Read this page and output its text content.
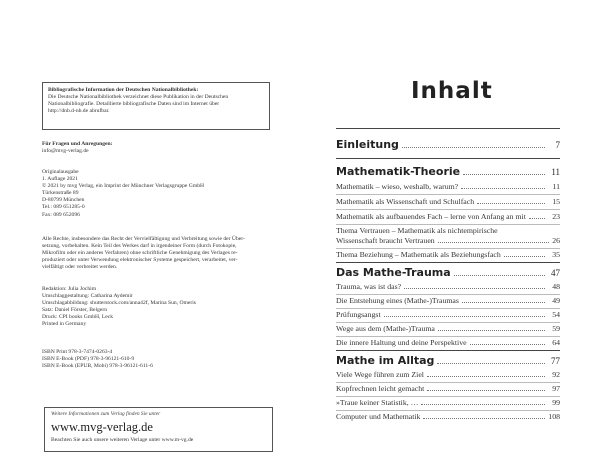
Bibliografische Information der Deutschen Nationalbibliothek:
Die Deutsche Nationalbibliothek verzeichnet diese Publikation in der Deutschen
Nationalbibliografie. Detaillierte bibliografische Daten sind im Internet über
http://dnb.d-nb.de abrufbar.

Für Fragen und Anregungen:

info@mvg-verlag.de

Originalausgabe

1. Auflage 2021

© 2021 by mvg Verlag, ein Imprint der Münchner Verlagsgruppe GmbH

Türkenstraße 89

D-80799 München

Tel.: 089 651285-0

Fax: 089 652096

Alle Rechte, insbesondere das Recht der Vervielfältigung und Verbreitung sowie der Über-

setzung, vorbehalten. Kein Teil des Werkes darf in irgendeiner Form (durch Fotokopie,

Mikrofilm oder ein anderes Verfahren) ohne schriftliche Genehmigung des Verlages re-

produziert oder unter Verwendung elektronischer Systeme gespeichert, verarbeitet, ver-

vielfältigt oder verbreitet werden.

Redaktion: Julia Jochim

Umschlaggestaltung: Catharina Aydemir

Umschlagabbildung: shutterstock.com/anna42f, Marina Sun, Omeris

Satz: Daniel Förster, Belgern

Druck: CPI books GmbH, Leck

Printed in Germany

ISBN Print 978-3-7474-0263-4

ISBN E-Book (PDF) 978-3-96121-610-9

ISBN E-Book (EPUB, Mobi) 978-3-96121-611-6

Weitere Informationen zum Verlag finden Sie unter
www.mvg-verlag.de
Beachten Sie auch unsere weiteren Verlage unter www.m-vg.de
Inhalt
Einleitung	7
Mathematik-Theorie	11
Mathematik – wieso, weshalb, warum?	11
Mathematik als Wissenschaft und Schulfach	15
Mathematik als aufbauendes Fach – lerne von Anfang an mit	23
Thema Vertrauen – Mathematik als nichtempirische
Wissenschaft braucht Vertrauen	26
Thema Beziehung – Mathematik als Beziehungsfach	35
Das Mathe-Trauma	47
Trauma, was ist das?	48
Die Entstehung eines (Mathe-)Traumas	49
Prüfungsangst	54
Wege aus dem (Mathe-)Trauma	59
Die innere Haltung und deine Perspektive	64
Mathe im Alltag	77
Viele Wege führen zum Ziel	92
Kopfrechnen leicht gemacht	97
»Traue keiner Statistik, …	99
Computer und Mathematik	108
